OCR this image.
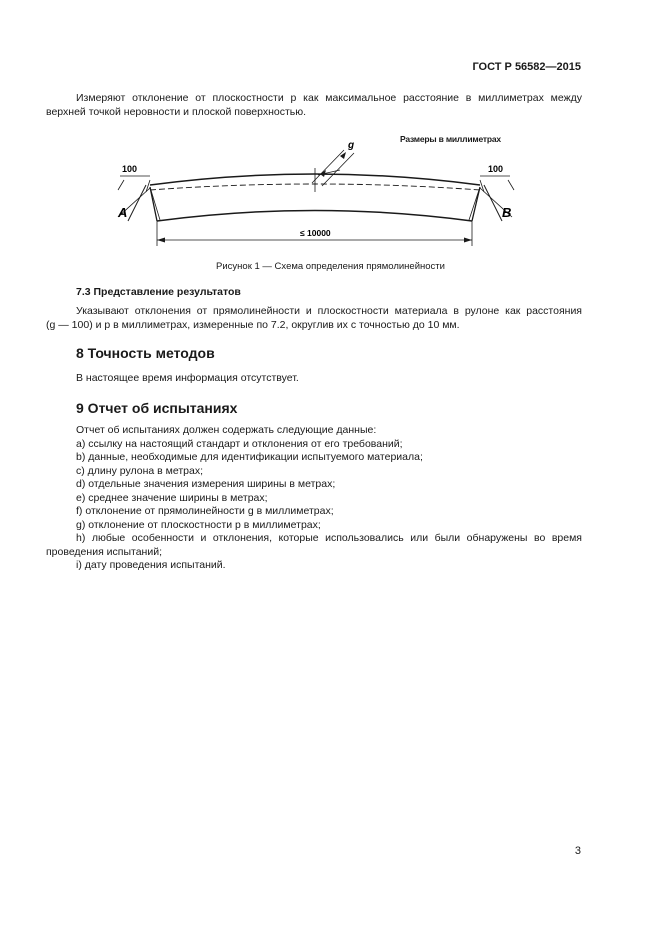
ГОСТ Р 56582—2015
Измеряют отклонение от плоскостности p как максимальное расстояние в миллиметрах между
верхней точкой неровности и плоской поверхностью.
Размеры в миллиметрах
g
100	100
A	B
≤ 10000
Рисунок 1 — Схема определения прямолинейности
7.3 Представление результатов
Указывают отклонения от прямолинейности и плоскостности материала в рулоне как расстояния
(g — 100) и p в миллиметрах, измеренные по 7.2, округлив их с точностью до 10 мм.
8 Точность методов
В настоящее время информация отсутствует.
9 Отчет об испытаниях
Отчет об испытаниях должен содержать следующие данные:
a) ссылку на настоящий стандарт и отклонения от его требований;
b) данные, необходимые для идентификации испытуемого материала;
c) длину рулона в метрах;
d) отдельные значения измерения ширины в метрах;
e) среднее значение ширины в метрах;
f) отклонение от прямолинейности g в миллиметрах;
g) отклонение от плоскостности p в миллиметрах;
h) любые особенности и отклонения, которые использовались или были обнаружены во время
проведения испытаний;
i) дату проведения испытаний.
3
